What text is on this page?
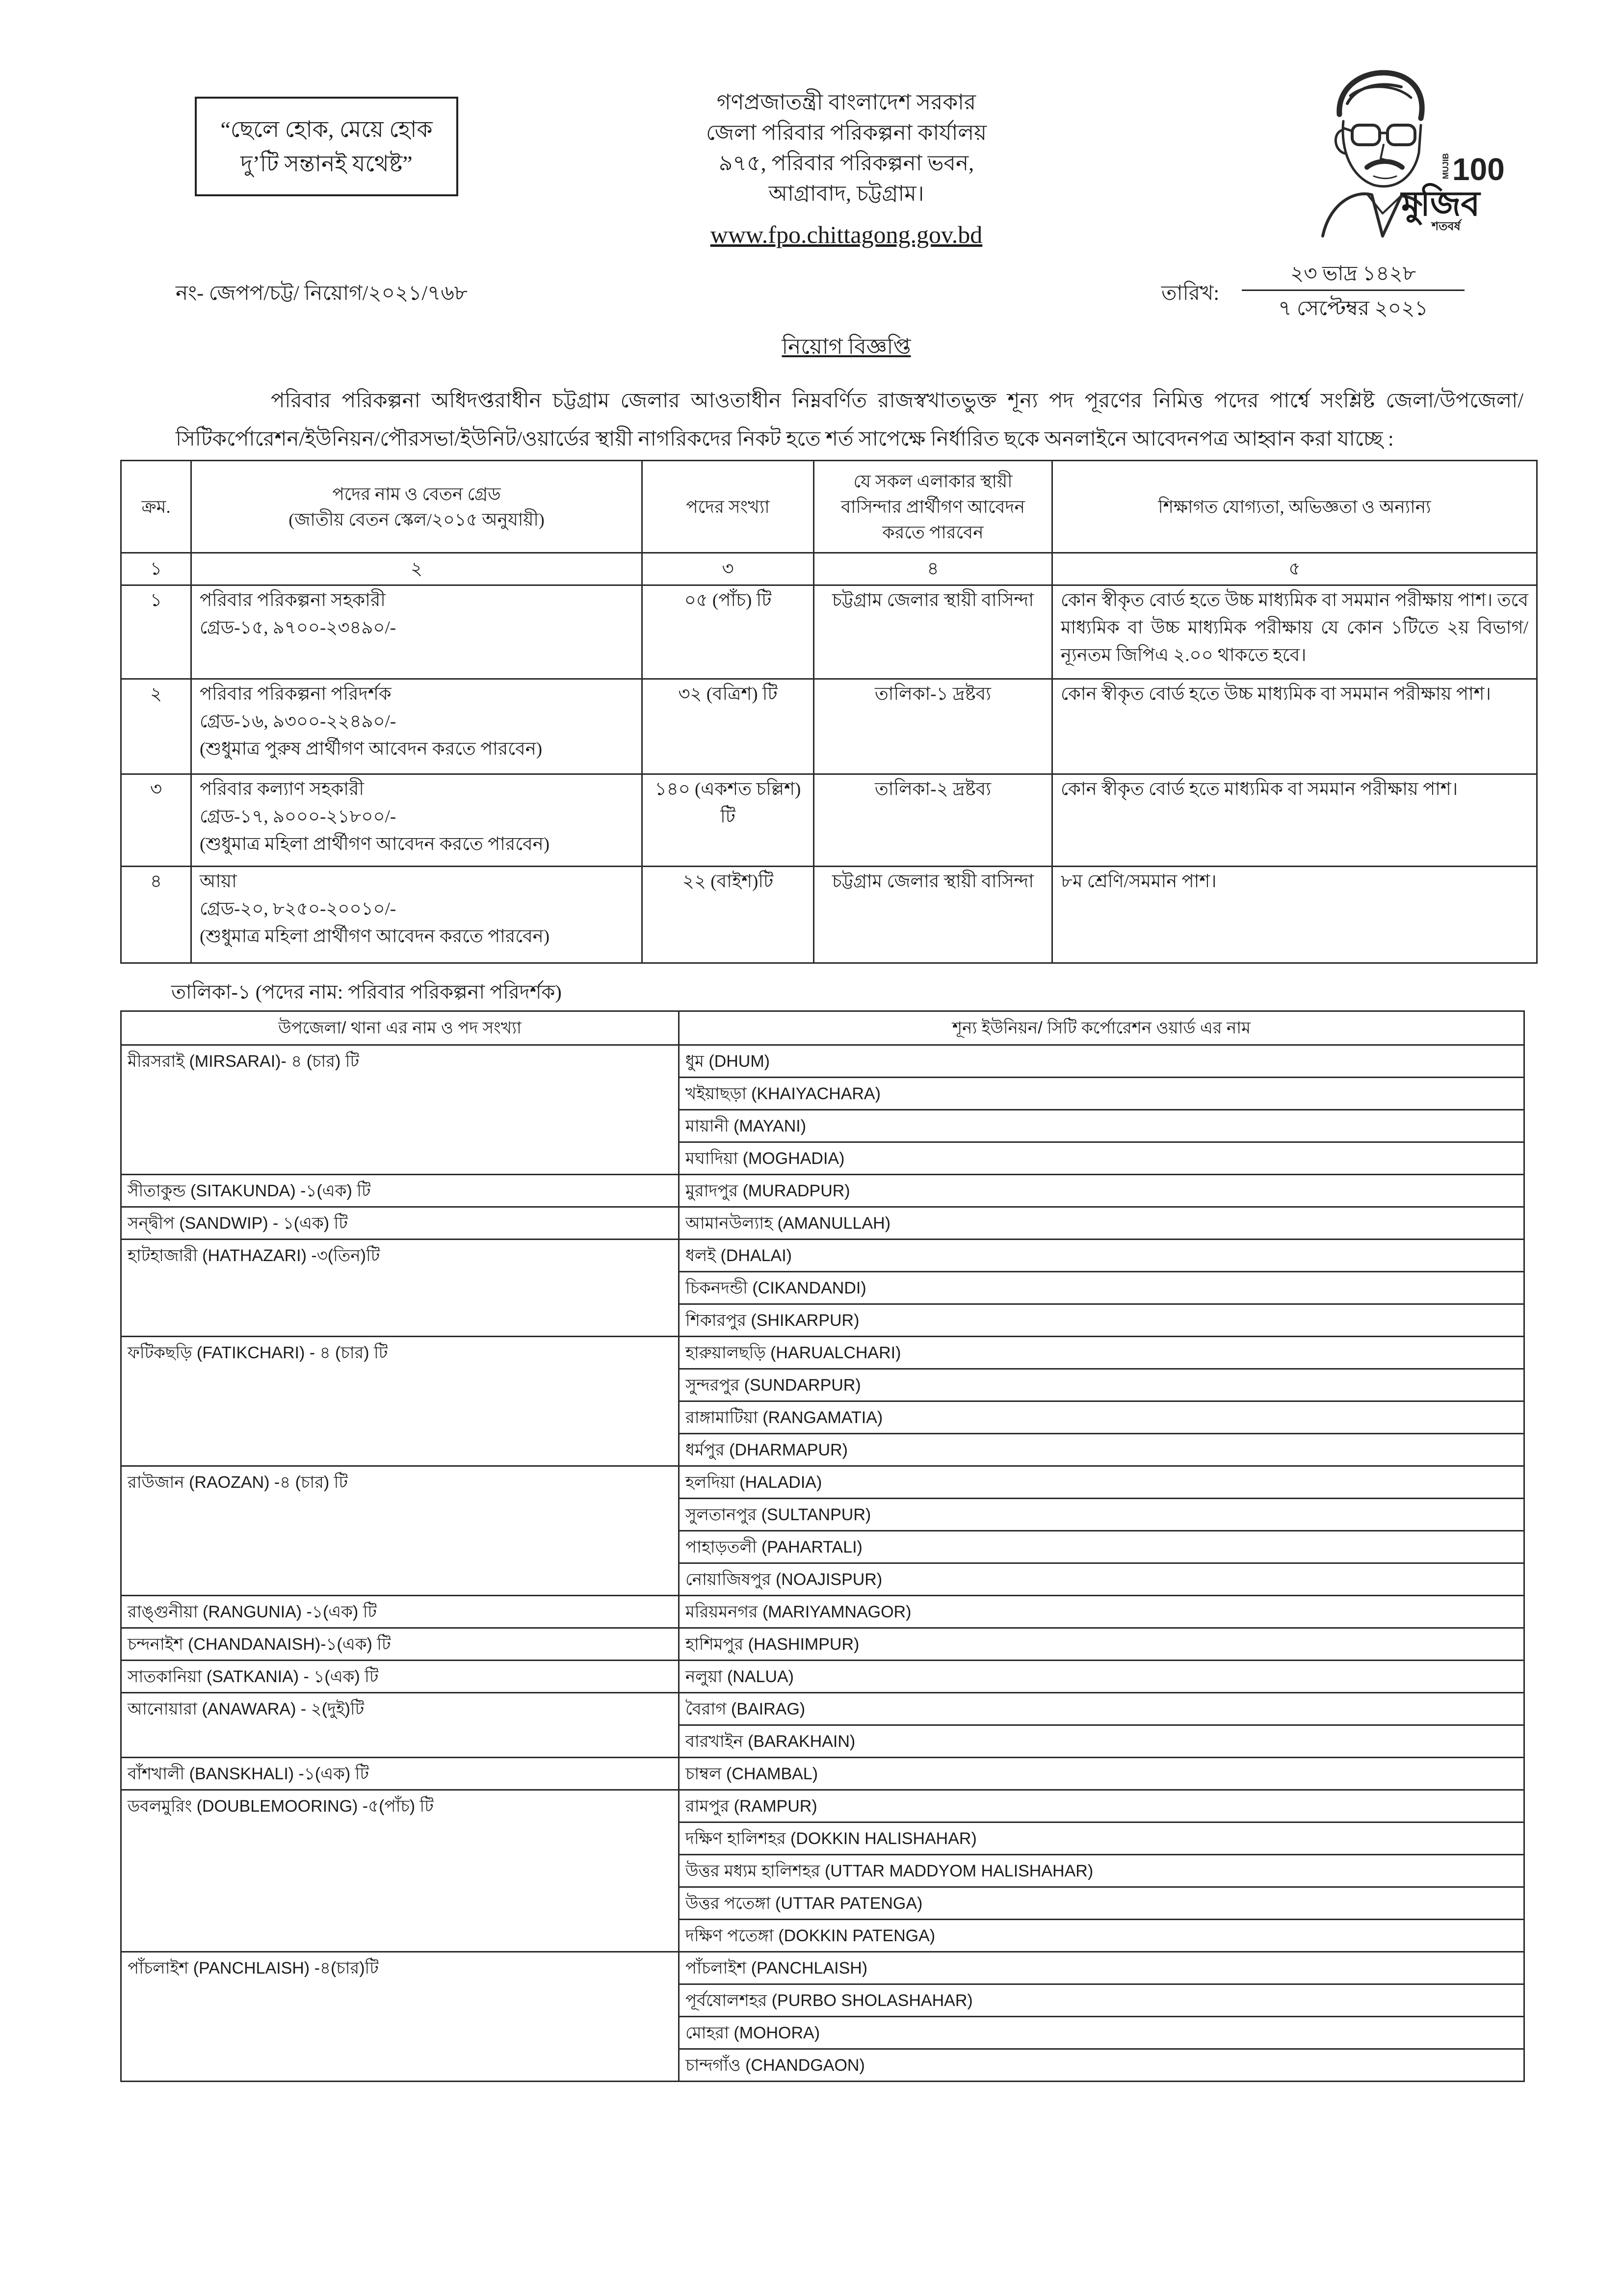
“ছেলে হোক, মেয়ে হোক
দু’টি সন্তানই যথেষ্ট”
গণপ্রজাতন্ত্রী বাংলাদেশ সরকার
জেলা পরিবার পরিকল্পনা কার্যালয়
৯৭৫, পরিবার পরিকল্পনা ভবন,
আগ্রাবাদ, চট্টগ্রাম।
www.fpo.chittagong.gov.bd
100
MUJIB
মুজিব
শতবর্ষ
নং- জেপপ/চট্ট/ নিয়োগ/২০২১/৭৬৮	তারিখ:
২৩ ভাদ্র ১৪২৮
৭ সেপ্টেম্বর ২০২১
নিয়োগ বিজ্ঞপ্তি

পরিবার পরিকল্পনা অধিদপ্তরাধীন চট্টগ্রাম জেলার আওতাধীন নিম্নবর্ণিত রাজস্বখাতভুক্ত শূন্য পদ পূরণের নিমিত্ত পদের পার্শ্বে সংশ্লিষ্ট জেলা/উপজেলা/সিটিকর্পোরেশন/ইউনিয়ন/পৌরসভা/ইউনিট/ওয়ার্ডের স্থায়ী নাগরিকদের নিকট হতে শর্ত সাপেক্ষে নির্ধারিত ছকে অনলাইনে আবেদনপত্র আহ্বান করা যাচ্ছে :

ক্রম.	পদের নাম ও বেতন গ্রেড
(জাতীয় বেতন স্কেল/২০১৫ অনুযায়ী)	পদের সংখ্যা	যে সকল এলাকার স্থায়ী বাসিন্দার প্রার্থীগণ আবেদন করতে পারবেন	শিক্ষাগত যোগ্যতা, অভিজ্ঞতা ও অন্যান্য
১	২	৩	৪	৫
১	পরিবার পরিকল্পনা সহকারী
গ্রেড-১৫, ৯৭০০-২৩৪৯০/-	০৫ (পাঁচ) টি	চট্টগ্রাম জেলার স্থায়ী বাসিন্দা	কোন স্বীকৃত বোর্ড হতে উচ্চ মাধ্যমিক বা সমমান পরীক্ষায় পাশ। তবে মাধ্যমিক বা উচ্চ মাধ্যমিক পরীক্ষায় যে কোন ১টিতে ২য় বিভাগ/ন্যূনতম জিপিএ ২.০০ থাকতে হবে।
২	পরিবার পরিকল্পনা পরিদর্শক
গ্রেড-১৬, ৯৩০০-২২৪৯০/-
(শুধুমাত্র পুরুষ প্রার্থীগণ আবেদন করতে পারবেন)	৩২ (বত্রিশ) টি	তালিকা-১ দ্রষ্টব্য	কোন স্বীকৃত বোর্ড হতে উচ্চ মাধ্যমিক বা সমমান পরীক্ষায় পাশ।
৩	পরিবার কল্যাণ সহকারী
গ্রেড-১৭, ৯০০০-২১৮০০/-
(শুধুমাত্র মহিলা প্রার্থীগণ আবেদন করতে পারবেন)	১৪০ (একশত চল্লিশ) টি	তালিকা-২ দ্রষ্টব্য	কোন স্বীকৃত বোর্ড হতে মাধ্যমিক বা সমমান পরীক্ষায় পাশ।
৪	আয়া
গ্রেড-২০, ৮২৫০-২০০১০/-
(শুধুমাত্র মহিলা প্রার্থীগণ আবেদন করতে পারবেন)	২২ (বাইশ)টি	চট্টগ্রাম জেলার স্থায়ী বাসিন্দা	৮ম শ্রেণি/সমমান পাশ।
তালিকা-১ (পদের নাম: পরিবার পরিকল্পনা পরিদর্শক)
উপজেলা/ থানা এর নাম ও পদ সংখ্যা	শূন্য ইউনিয়ন/ সিটি কর্পোরেশন ওয়ার্ড এর নাম
মীরসরাই (MIRSARAI)- ৪ (চার) টি	ধুম (DHUM)
	খইয়াছড়া (KHAIYACHARA)
	মায়ানী (MAYANI)
	মঘাদিয়া (MOGHADIA)
সীতাকুন্ড (SITAKUNDA) -১(এক) টি	মুরাদপুর (MURADPUR)
সন্দ্বীপ (SANDWIP) - ১(এক) টি	আমানউল্যাহ (AMANULLAH)
হাটহাজারী (HATHAZARI) -৩(তিন)টি	ধলই (DHALAI)
	চিকনদন্ডী (CIKANDANDI)
	শিকারপুর (SHIKARPUR)
ফটিকছড়ি (FATIKCHARI) - ৪ (চার) টি	হারুয়ালছড়ি (HARUALCHARI)
	সুন্দরপুর (SUNDARPUR)
	রাঙ্গামাটিয়া (RANGAMATIA)
	ধর্মপুর (DHARMAPUR)
রাউজান (RAOZAN) -৪ (চার) টি	হলদিয়া (HALADIA)
	সুলতানপুর (SULTANPUR)
	পাহাড়তলী (PAHARTALI)
	নোয়াজিষপুর (NOAJISPUR)
রাঙ্গুনীয়া (RANGUNIA) -১(এক) টি	মরিয়মনগর (MARIYAMNAGOR)
চন্দনাইশ (CHANDANAISH)-১(এক) টি	হাশিমপুর (HASHIMPUR)
সাতকানিয়া (SATKANIA) - ১(এক) টি	নলুয়া (NALUA)
আনোয়ারা (ANAWARA) - ২(দুই)টি	বৈরাগ (BAIRAG)
	বারখাইন (BARAKHAIN)
বাঁশখালী (BANSKHALI) -১(এক) টি	চাম্বল (CHAMBAL)
ডবলমুরিং (DOUBLEMOORING) -৫(পাঁচ) টি	রামপুর (RAMPUR)
	দক্ষিণ হালিশহর (DOKKIN HALISHAHAR)
	উত্তর মধ্যম হালিশহর (UTTAR MADDYOM HALISHAHAR)
	উত্তর পতেঙ্গা (UTTAR PATENGA)
	দক্ষিণ পতেঙ্গা (DOKKIN PATENGA)
পাঁচলাইশ (PANCHLAISH) -৪(চার)টি	পাঁচলাইশ (PANCHLAISH)
	পূর্বষোলশহর (PURBO SHOLASHAHAR)
	মোহরা (MOHORA)
	চান্দগাঁও (CHANDGAON)
